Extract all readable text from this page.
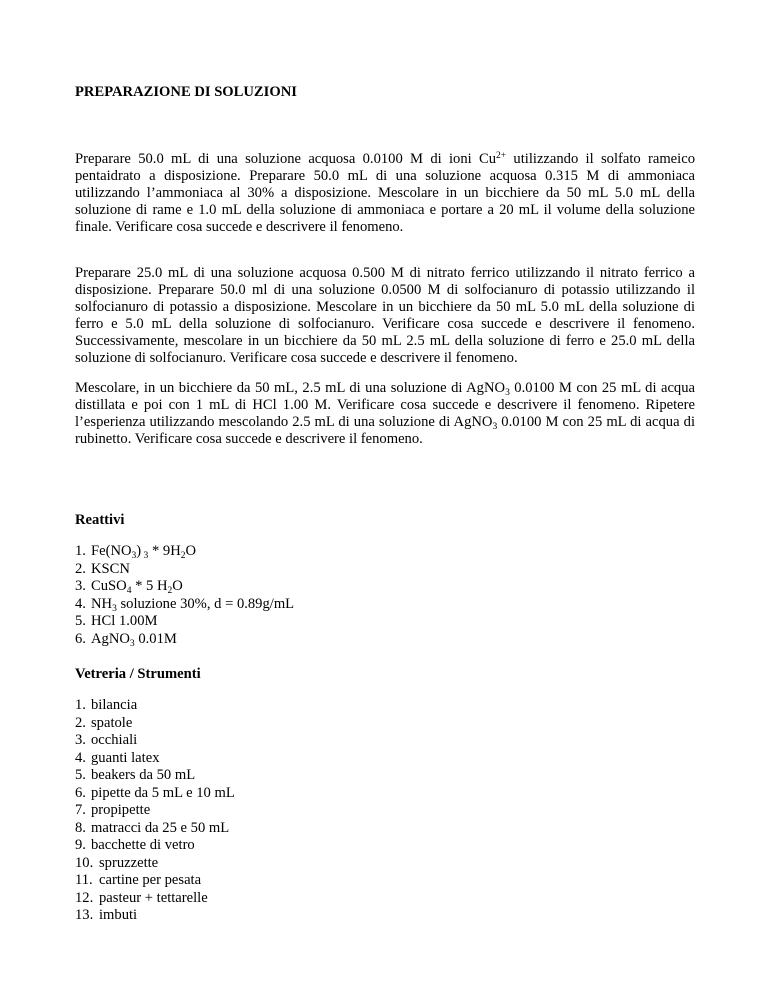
PREPARAZIONE DI SOLUZIONI

Preparare 50.0 mL di una soluzione acquosa 0.0100 M di ioni $Cu^{2+}$ utilizzando il solfato rameico pentaidrato a disposizione. Preparare 50.0 mL di una soluzione acquosa 0.315 M di ammoniaca utilizzando l’ammoniaca al 30% a disposizione. Mescolare in un bicchiere da 50 mL 5.0 mL della soluzione di rame e 1.0 mL della soluzione di ammoniaca e portare a 20 mL il volume della soluzione finale. Verificare cosa succede e descrivere il fenomeno.

Preparare 25.0 mL di una soluzione acquosa 0.500 M di nitrato ferrico utilizzando il nitrato ferrico a disposizione. Preparare 50.0 ml di una soluzione 0.0500 M di solfocianuro di potassio utilizzando il solfocianuro di potassio a disposizione. Mescolare in un bicchiere da 50 mL 5.0 mL della soluzione di ferro e 5.0 mL della soluzione di solfocianuro. Verificare cosa succede e descrivere il fenomeno. Successivamente, mescolare in un bicchiere da 50 mL 2.5 mL della soluzione di ferro e 25.0 mL della soluzione di solfocianuro. Verificare cosa succede e descrivere il fenomeno.

Mescolare, in un bicchiere da 50 mL, 2.5 mL di una soluzione di AgNO$_3$ 0.0100 M con 25 mL di acqua distillata e poi con 1 mL di HCl 1.00 M. Verificare cosa succede e descrivere il fenomeno. Ripetere l’esperienza utilizzando mescolando 2.5 mL di una soluzione di AgNO$_3$ 0.0100 M con 25 mL di acqua di rubinetto. Verificare cosa succede e descrivere il fenomeno.

Reattivi
1. $Fe(NO_3)$ $_3 * 9H_2O$
2. KSCN
3. CuSO$_4$ * 5 $H_2O$
4. $NH_3$ soluzione 30%, d = 0.89g/mL
5. HCl 1.00M
6. AgNO$_3$ 0.01M
Vetreria / Strumenti
1. bilancia
2. spatole
3. occhiali
4. guanti latex
5. beakers da 50 mL
6. pipette da 5 mL e 10 mL
7. propipette
8. matracci da 25 e 50 mL
9. bacchette di vetro
10. spruzzette
11. cartine per pesata
12. pasteur + tettarelle
13. imbuti
